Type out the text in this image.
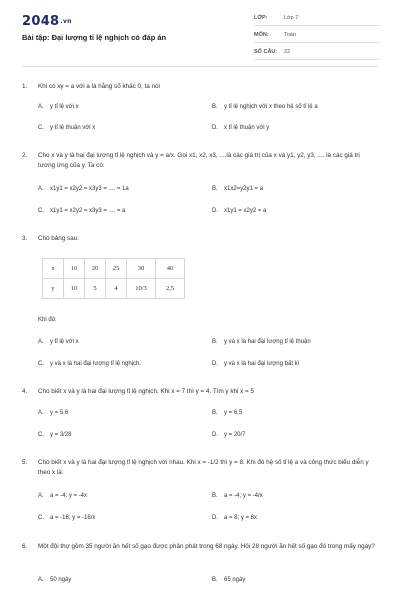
2048.vn
Bài tập: Đại lượng tỉ lệ nghịch có đáp án
LỚP:	Lớp 7
MÔN:	Toán
SỐ CÂU: 22
1. Khi có xy = a với a là hằng số khác 0, ta nói
A. y tỉ lệ với x	B. y tỉ lệ nghịch với x theo hệ số tỉ lệ a
C. y tỉ lệ thuận với x	D. x tỉ lệ thuận với y
2. Cho x và y là hai đại lượng tỉ lệ nghịch và y = a/x. Gọi x1, x2, x3, ....là các giá trị của x và y1, y2, y3, .... là các giá trị tương ứng của y. Ta có:
A. x1y1 = x2y2 = x3y3 = .... = 1a	B. x1x2=y2y1 = a
C. x1y1 = x2y2 = x3y3 = .... = a	D. x1y1 = x2y2 = a
3. Cho bảng sau:
x	10	20	25	30	40
y	10	5	4	10/3	2,5
Khi đó:
A. y tỉ lệ với x	B. y và x là hai đại lượng tỉ lệ thuận
C. y và x là hai đại lượng tỉ lệ nghịch.	D. y và x là hai đại lượng bất kì
4. Cho biết x và y là hai đại lượng tỉ lệ nghịch. Khi x = 7 thì y = 4. Tìm y khi x = 5
A. y = 5,6	B. y = 6,5
C. y = 3/28	D. y = 20/7
5. Cho biết x và y là hai đại lượng tỉ lệ nghịch với nhau. Khi x = -1/2 thì y = 8. Khi đó hệ số tỉ lệ a và công thức biểu diễn y theo x là:
A. a = -4; y = -4x	B. a = -4; y = -4/x
C. a = -16; y = -16/x	D. a = 8; y = 8x
6. Một đội thợ gồm 35 người ăn hết số gạo được phân phát trong 68 ngày. Hỏi 28 người ăn hết số gạo đó trong mấy ngày?
A. 50 ngày	B. 65 ngày
